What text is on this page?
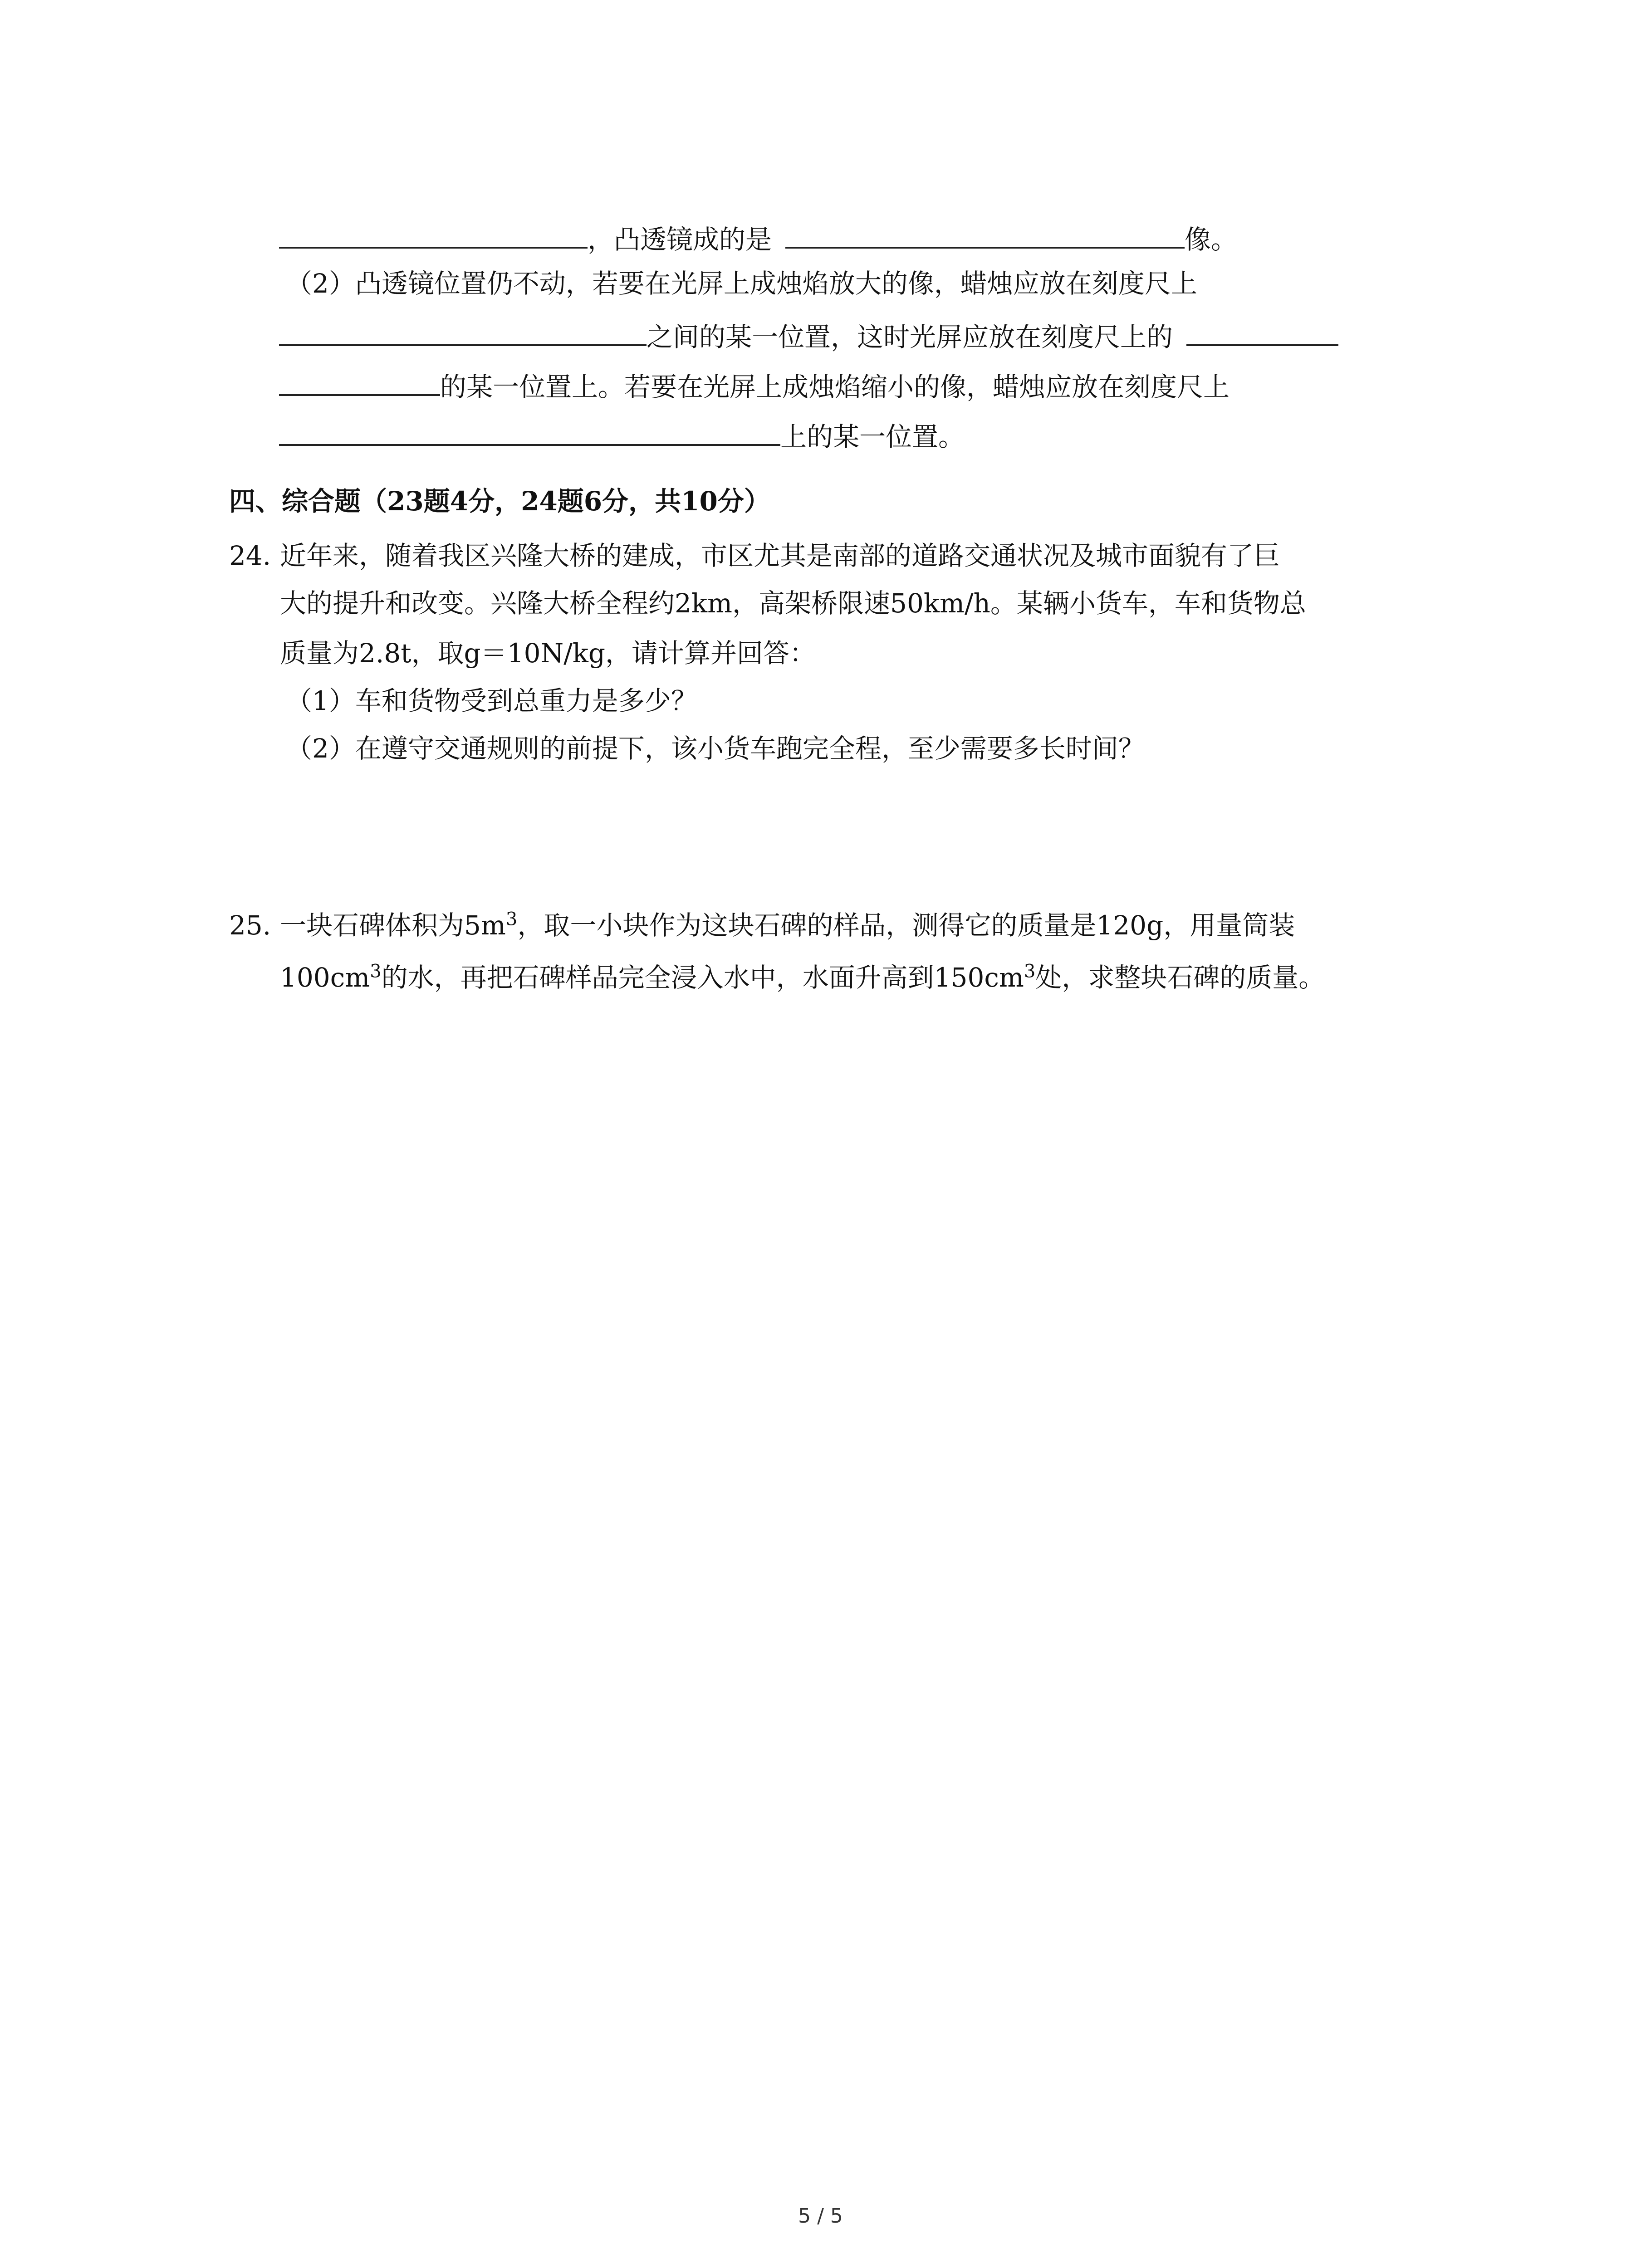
，凸透镜成的是	像。
（2）凸透镜位置仍不动，若要在光屏上成烛焰放大的像，蜡烛应放在刻度尺上
之间的某一位置，这时光屏应放在刻度尺上的
的某一位置上。若要在光屏上成烛焰缩小的像，蜡烛应放在刻度尺上
上的某一位置。
四、综合题（23题4分，24题6分，共10分）
24. 近年来，随着我区兴隆大桥的建成，市区尤其是南部的道路交通状况及城市面貌有了巨
大的提升和改变。兴隆大桥全程约2km，高架桥限速50km/h。某辆小货车，车和货物总
质量为2.8t，取g＝10N/kg，请计算并回答：
（1）车和货物受到总重力是多少？
（2）在遵守交通规则的前提下，该小货车跑完全程，至少需要多长时间？
25. 一块石碑体积为$5m^3$，取一小块作为这块石碑的样品，测得它的质量是120g，用量筒装
$100cm^3$的水，再把石碑样品完全浸入水中，水面升高到$150cm^3$处，求整块石碑的质量。
5 / 5
